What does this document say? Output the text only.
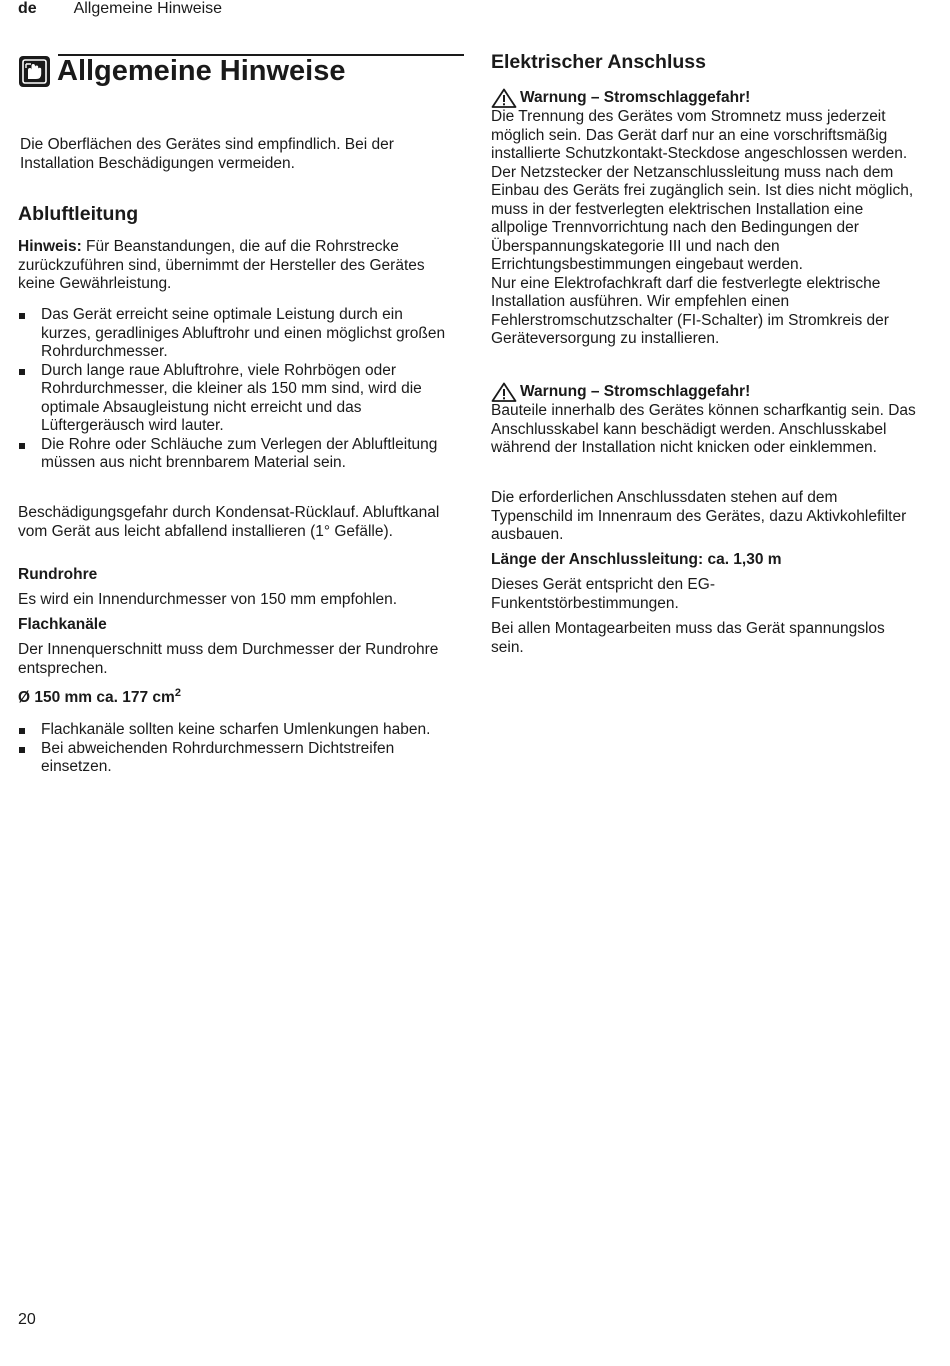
de Allgemeine Hinweise
Allgemeine Hinweise

Die Oberflächen des Gerätes sind empfindlich. Bei der Installation Beschädigungen vermeiden.

Abluftleitung

Hinweis: Für Beanstandungen, die auf die Rohrstrecke zurückzuführen sind, übernimmt der Hersteller des Gerätes keine Gewährleistung.

Das Gerät erreicht seine optimale Leistung durch ein kurzes, geradliniges Abluftrohr und einen möglichst großen Rohrdurchmesser.
Durch lange raue Abluftrohre, viele Rohrbögen oder Rohrdurchmesser, die kleiner als 150 mm sind, wird die optimale Absaugleistung nicht erreicht und das Lüftergeräusch wird lauter.
Die Rohre oder Schläuche zum Verlegen der Abluftleitung müssen aus nicht brennbarem Material sein.

Beschädigungsgefahr durch Kondensat-Rücklauf. Abluftkanal vom Gerät aus leicht abfallend installieren (1° Gefälle).

Rundrohre

Es wird ein Innendurchmesser von 150 mm empfohlen.

Flachkanäle

Der Innenquerschnitt muss dem Durchmesser der Rundrohre entsprechen.

Ø 150 mm ca. 177 $cm^2$

Flachkanäle sollten keine scharfen Umlenkungen haben.
Bei abweichenden Rohrdurchmessern Dichtstreifen einsetzen.
Elektrischer Anschluss
Warnung – Stromschlaggefahr!

Die Trennung des Gerätes vom Stromnetz muss jederzeit möglich sein. Das Gerät darf nur an eine vorschriftsmäßig installierte Schutzkontakt-Steckdose angeschlossen werden.
Der Netzstecker der Netzanschlussleitung muss nach dem Einbau des Geräts frei zugänglich sein. Ist dies nicht möglich, muss in der festverlegten elektrischen Installation eine allpolige Trennvorrichtung nach den Bedingungen der Überspannungskategorie III und nach den Errichtungsbestimmungen eingebaut werden.
Nur eine Elektrofachkraft darf die festverlegte elektrische Installation ausführen. Wir empfehlen einen Fehlerstromschutzschalter (FI-Schalter) im Stromkreis der Geräteversorgung zu installieren.

Warnung – Stromschlaggefahr!

Bauteile innerhalb des Gerätes können scharfkantig sein. Das Anschlusskabel kann beschädigt werden. Anschlusskabel während der Installation nicht knicken oder einklemmen.

Die erforderlichen Anschlussdaten stehen auf dem Typenschild im Innenraum des Gerätes, dazu Aktivkohlefilter ausbauen.

Länge der Anschlussleitung: ca. 1,30 m

Dieses Gerät entspricht den EG-Funkentstörbestimmungen.

Bei allen Montagearbeiten muss das Gerät spannungslos sein.

20
